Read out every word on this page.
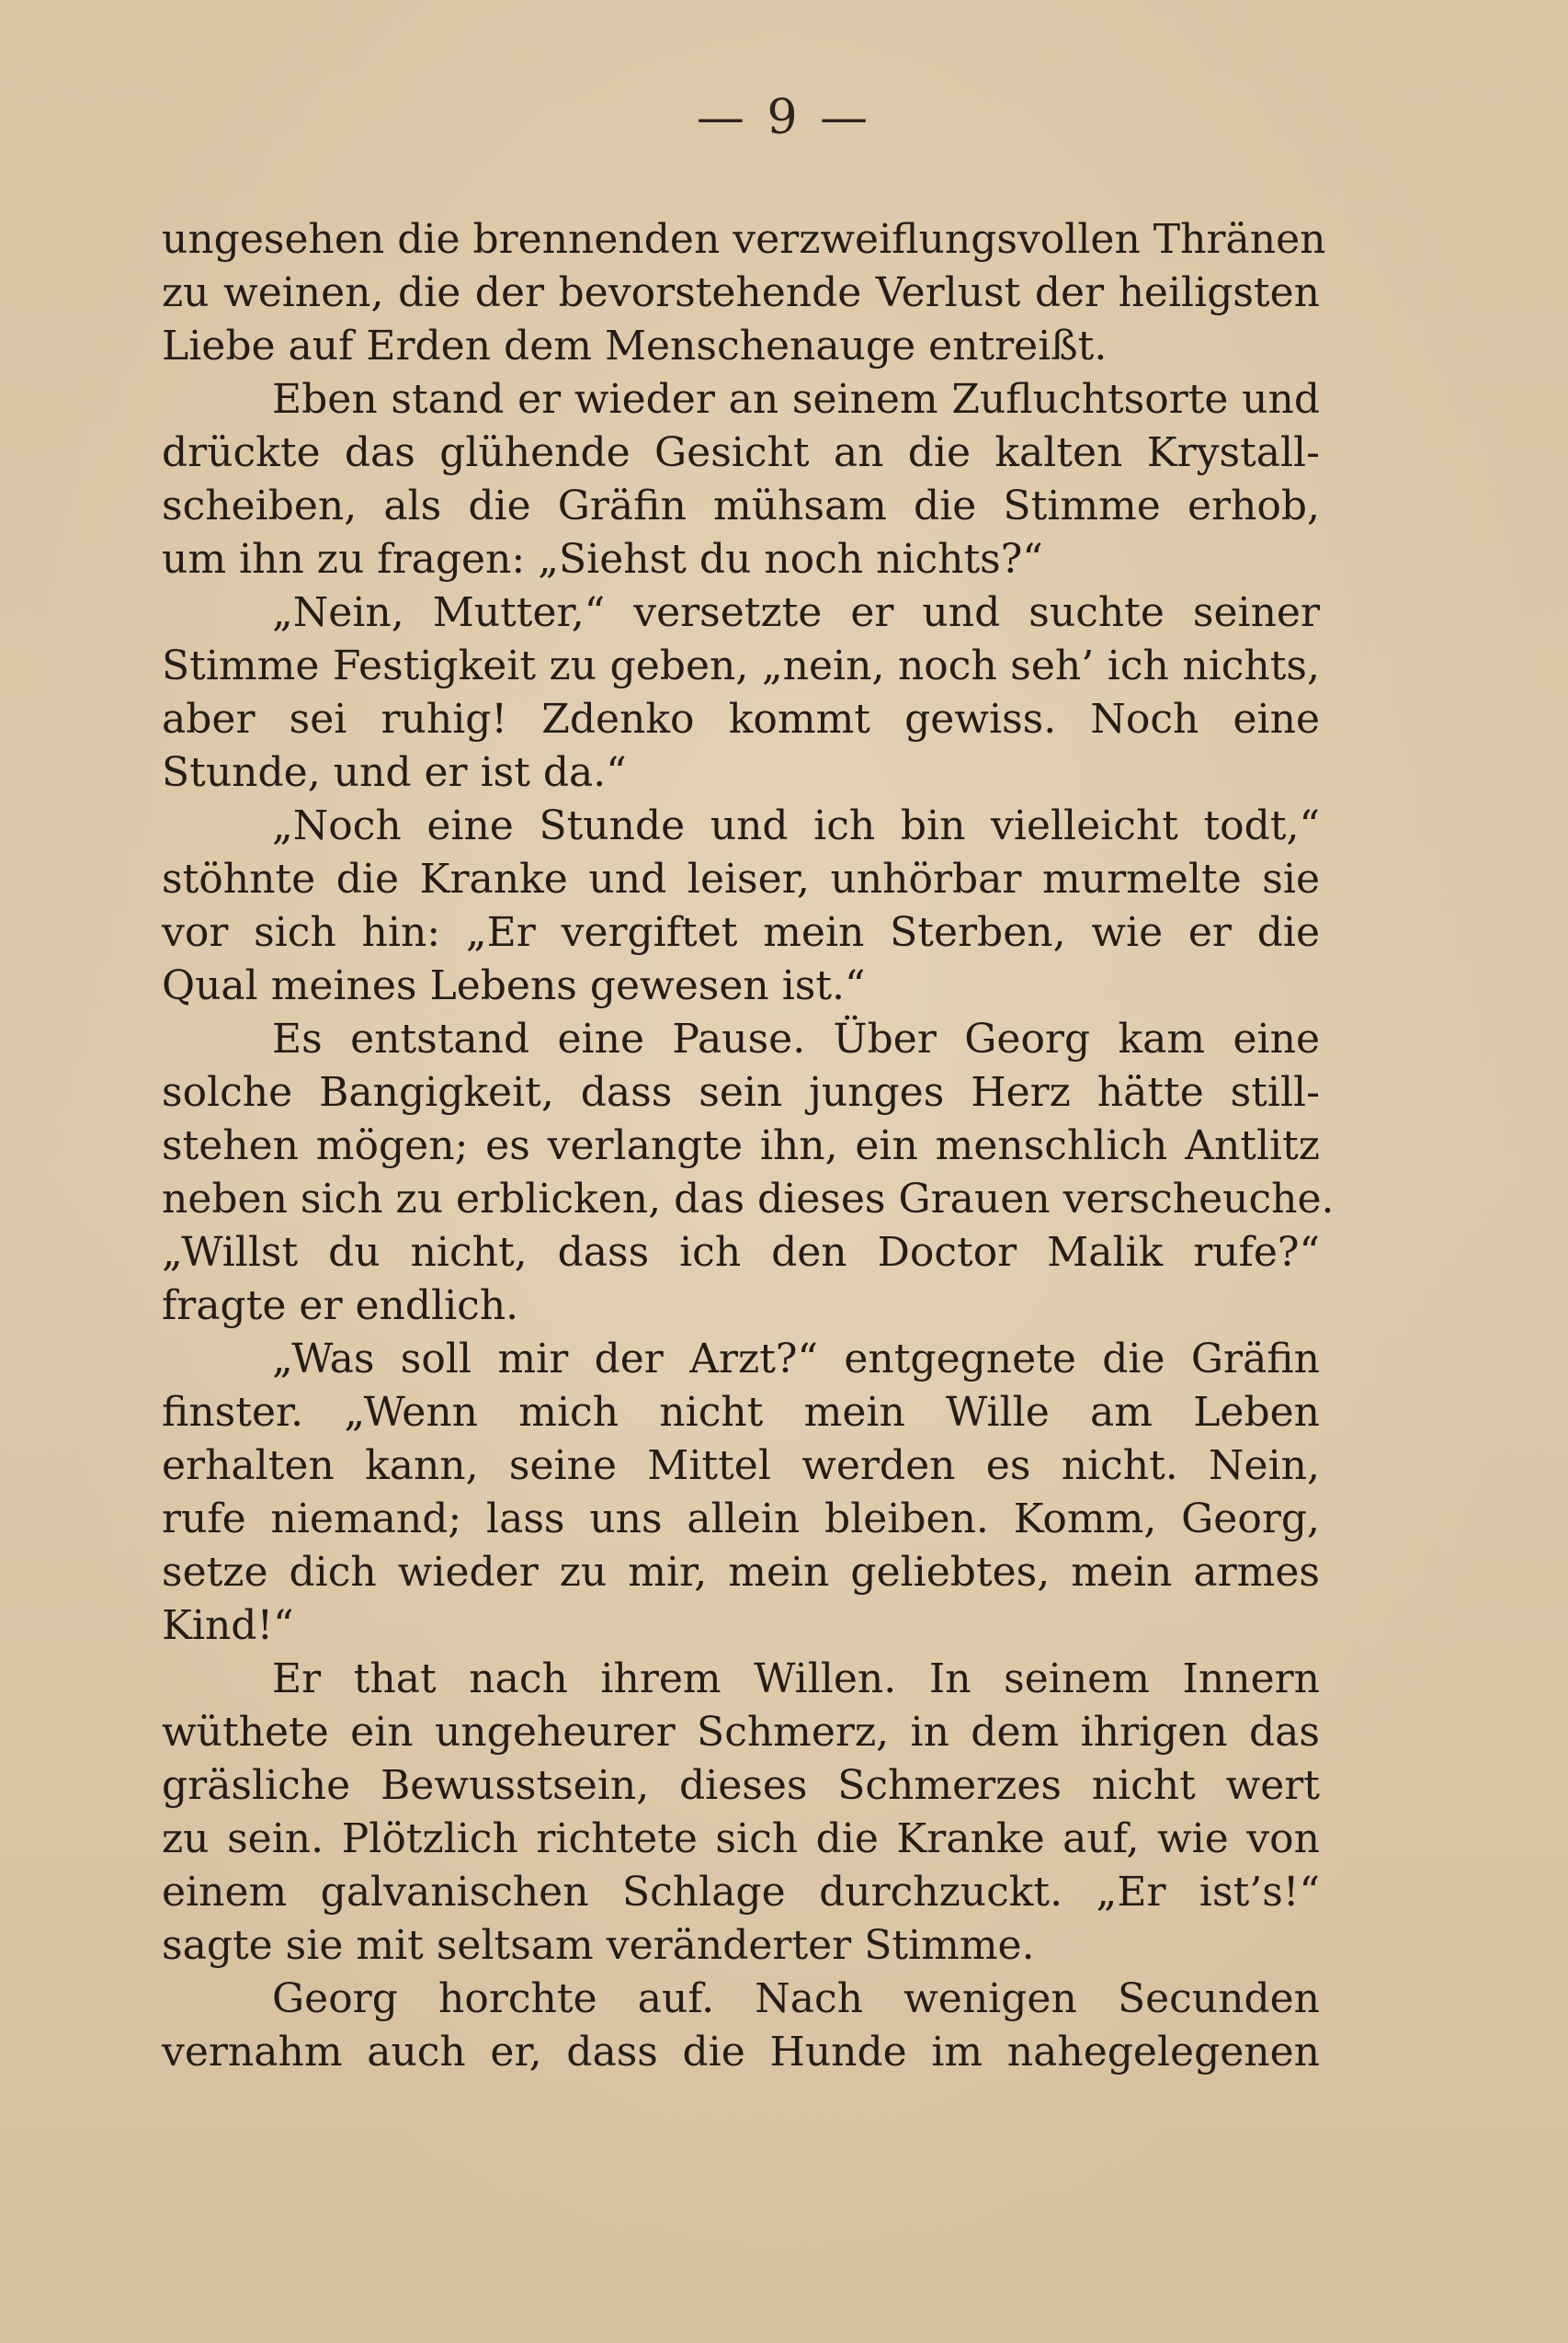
— 9 —
ungesehen die brennenden verzweiflungsvollen Thränen
zu weinen, die der bevorstehende Verlust der heiligsten
Liebe auf Erden dem Menschenauge entreißt.
Eben stand er wieder an seinem Zufluchtsorte und
drückte das glühende Gesicht an die kalten Krystall-
scheiben, als die Gräfin mühsam die Stimme erhob,
um ihn zu fragen: „Siehst du noch nichts?“
„Nein, Mutter,“ versetzte er und suchte seiner
Stimme Festigkeit zu geben, „nein, noch seh’ ich nichts,
aber sei ruhig! Zdenko kommt gewiss. Noch eine
Stunde, und er ist da.“
„Noch eine Stunde und ich bin vielleicht todt,“
stöhnte die Kranke und leiser, unhörbar murmelte sie
vor sich hin: „Er vergiftet mein Sterben, wie er die
Qual meines Lebens gewesen ist.“
Es entstand eine Pause. Über Georg kam eine
solche Bangigkeit, dass sein junges Herz hätte still-
stehen mögen; es verlangte ihn, ein menschlich Antlitz
neben sich zu erblicken, das dieses Grauen verscheuche.
„Willst du nicht, dass ich den Doctor Malik rufe?“
fragte er endlich.
„Was soll mir der Arzt?“ entgegnete die Gräfin
finster. „Wenn mich nicht mein Wille am Leben
erhalten kann, seine Mittel werden es nicht. Nein,
rufe niemand; lass uns allein bleiben. Komm, Georg,
setze dich wieder zu mir, mein geliebtes, mein armes
Kind!“
Er that nach ihrem Willen. In seinem Innern
wüthete ein ungeheurer Schmerz, in dem ihrigen das
gräsliche Bewusstsein, dieses Schmerzes nicht wert
zu sein. Plötzlich richtete sich die Kranke auf, wie von
einem galvanischen Schlage durchzuckt. „Er ist’s!“
sagte sie mit seltsam veränderter Stimme.
Georg horchte auf. Nach wenigen Secunden
vernahm auch er, dass die Hunde im nahegelegenen
